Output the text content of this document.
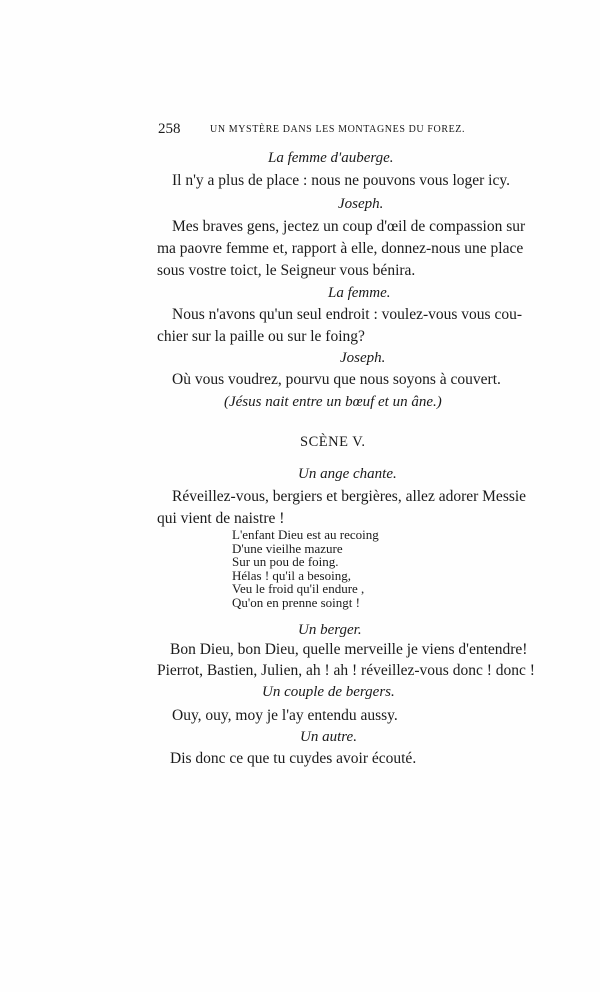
258	UN MYSTÈRE DANS LES MONTAGNES DU FOREZ.
La femme d'auberge.
Il n'y a plus de place : nous ne pouvons vous loger icy.
Joseph.
Mes braves gens, jectez un coup d'œil de compassion sur
ma paovre femme et, rapport à elle, donnez-nous une place
sous vostre toict, le Seigneur vous bénira.
La femme.
Nous n'avons qu'un seul endroit : voulez-vous vous cou-
chier sur la paille ou sur le foing?
Joseph.
Où vous voudrez, pourvu que nous soyons à couvert.
(Jésus nait entre un bœuf et un âne.)
SCÈNE V.
Un ange chante.
Réveillez-vous, bergiers et bergières, allez adorer Messie
qui vient de naistre !
L'enfant Dieu est au recoing
D'une vieilhe mazure
Sur un pou de foing.
Hélas ! qu'il a besoing,
Veu le froid qu'il endure ,
Qu'on en prenne soingt !
Un berger.
Bon Dieu, bon Dieu, quelle merveille je viens d'entendre!
Pierrot, Bastien, Julien, ah ! ah ! réveillez-vous donc ! donc !
Un couple de bergers.
Ouy, ouy, moy je l'ay entendu aussy.
Un autre.
Dis donc ce que tu cuydes avoir écouté.
